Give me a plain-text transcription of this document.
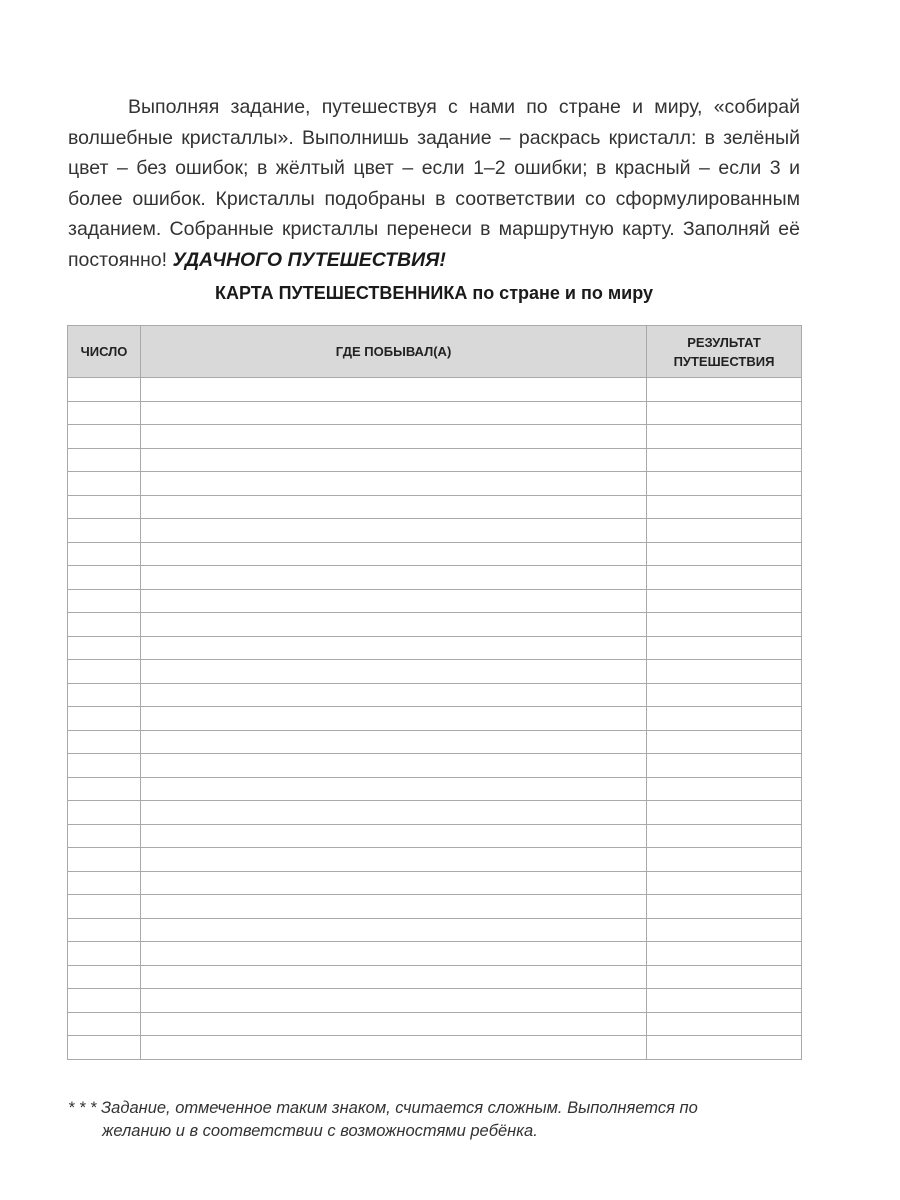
Выполняя задание, путешествуя с нами по стране и миру, «собирай волшебные кристаллы». Выполнишь задание – раскрась кристалл: в зелёный цвет – без ошибок; в жёлтый цвет – если 1–2 ошибки; в красный – если 3 и более ошибок. Кристаллы подобраны в соответствии со сформулированным заданием. Собранные кристаллы перенеси в маршрутную карту. Заполняй её постоянно! УДАЧНОГО ПУТЕШЕСТВИЯ!

КАРТА ПУТЕШЕСТВЕННИКА по стране и по миру
ЧИСЛО	ГДЕ ПОБЫВАЛ(А)	РЕЗУЛЬТАТ
ПУТЕШЕСТВИЯ

* * * Задание, отмеченное таким знаком, считается сложным. Выполняется по
желанию и в соответствии с возможностями ребёнка.
